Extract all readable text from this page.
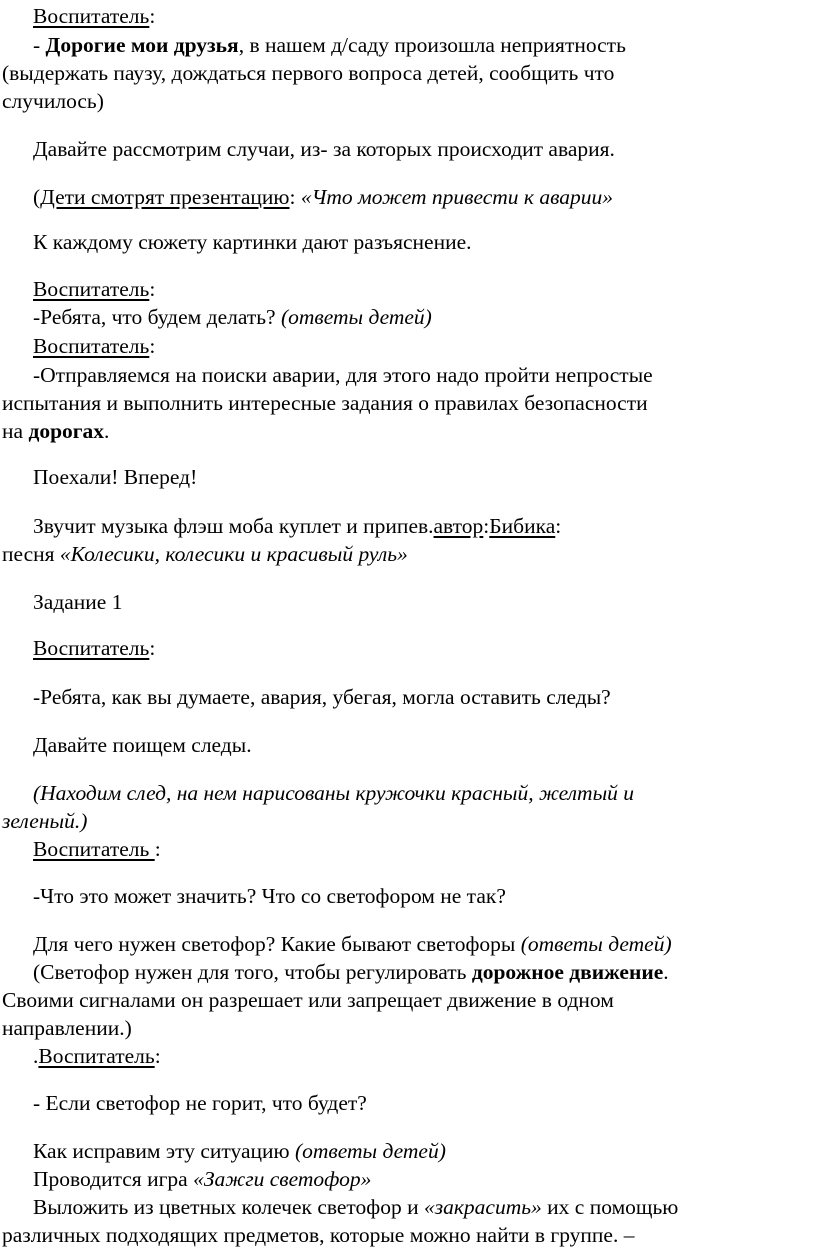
Воспитатель:
- Дорогие мои друзья, в нашем д/саду произошла неприятность
(выдержать паузу, дождаться первого вопроса детей, сообщить что
случилось)
Давайте рассмотрим случаи, из- за которых происходит авария.
(Дети смотрят презентацию: «Что может привести к аварии»
К каждому сюжету картинки дают разъяснение.
Воспитатель:
-Ребята, что будем делать? (ответы детей)
Воспитатель:
-Отправляемся на поиски аварии, для этого надо пройти непростые
испытания и выполнить интересные задания о правилах безопасности
на дорогах.
Поехали! Вперед!
Звучит музыка флэш моба куплет и припев.автор:Бибика:
песня «Колесики, колесики и красивый руль»
Задание 1
Воспитатель:
-Ребята, как вы думаете, авария, убегая, могла оставить следы?
Давайте поищем следы.
(Находим след, на нем нарисованы кружочки красный, желтый и
зеленый.)
Воспитатель :
-Что это может значить? Что со светофором не так?
Для чего нужен светофор? Какие бывают светофоры (ответы детей)
(Светофор нужен для того, чтобы регулировать дорожное движение.
Своими сигналами он разрешает или запрещает движение в одном
направлении.)
.Воспитатель:
- Если светофор не горит, что будет?
Как исправим эту ситуацию (ответы детей)
Проводится игра «Зажги светофор»
Выложить из цветных колечек светофор и «закрасить» их с помощью
различных подходящих предметов, которые можно найти в группе. –
